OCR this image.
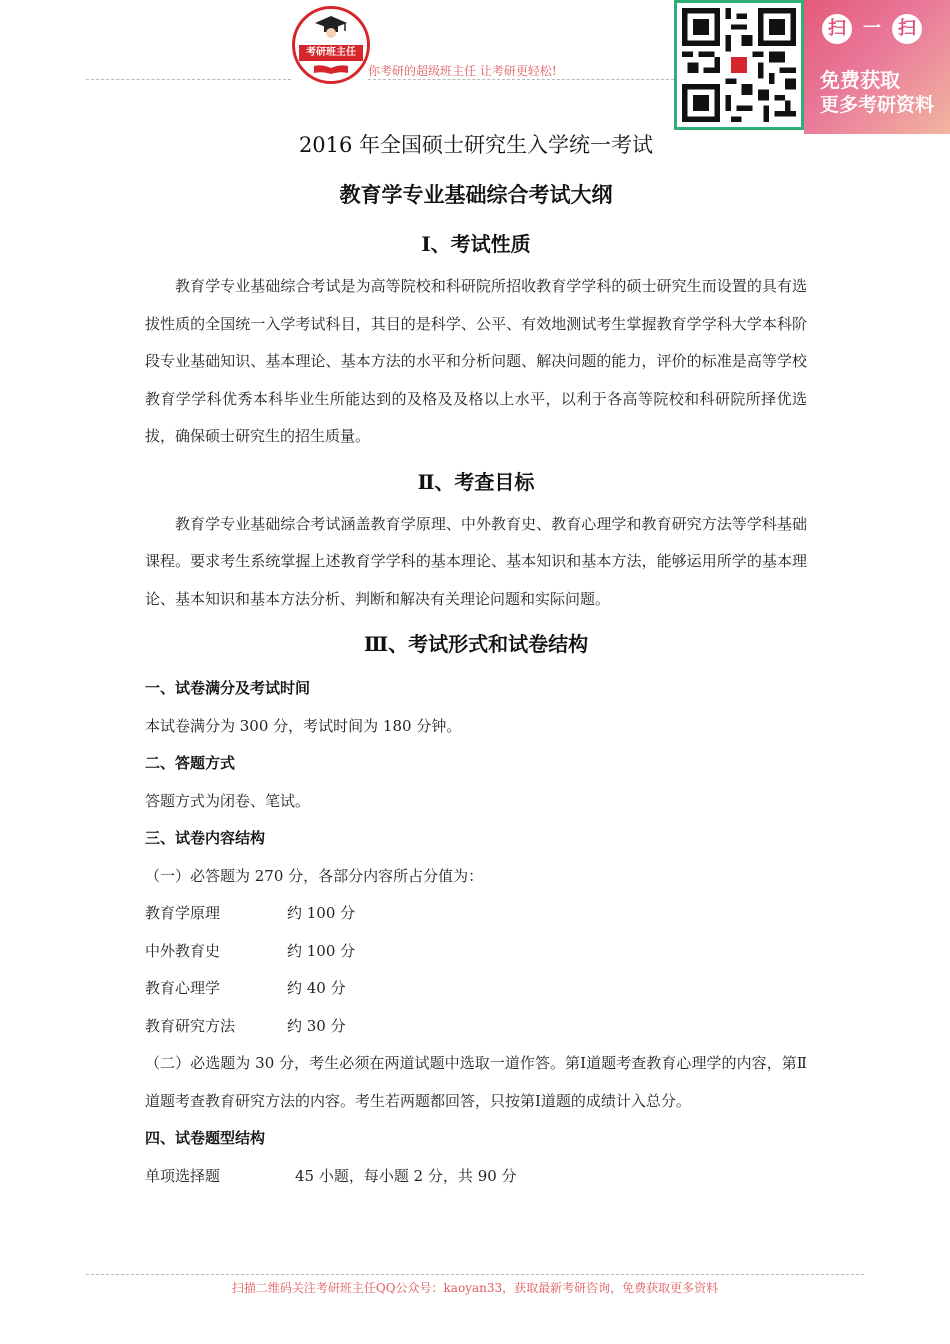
考研班主任
你考研的超级班主任 让考研更轻松!
扫 一 扫
免费获取
更多考研资料
2016 年全国硕士研究生入学统一考试
教育学专业基础综合考试大纲
Ⅰ、考试性质

教育学专业基础综合考试是为高等院校和科研院所招收教育学学科的硕士研究生而设置的具有选拔性质的全国统一入学考试科目，其目的是科学、公平、有效地测试考生掌握教育学学科大学本科阶段专业基础知识、基本理论、基本方法的水平和分析问题、解决问题的能力，评价的标准是高等学校教育学学科优秀本科毕业生所能达到的及格及及格以上水平，以利于各高等院校和科研院所择优选拔，确保硕士研究生的招生质量。

Ⅱ、考查目标

教育学专业基础综合考试涵盖教育学原理、中外教育史、教育心理学和教育研究方法等学科基础课程。要求考生系统掌握上述教育学学科的基本理论、基本知识和基本方法，能够运用所学的基本理论、基本知识和基本方法分析、判断和解决有关理论问题和实际问题。

Ⅲ、考试形式和试卷结构
一、试卷满分及考试时间
本试卷满分为 300 分，考试时间为 180 分钟。
二、答题方式
答题方式为闭卷、笔试。
三、试卷内容结构
（一）必答题为 270 分，各部分内容所占分值为：
教育学原理	约 100 分
中外教育史	约 100 分
教育心理学	约 40 分
教育研究方法	约 30 分

（二）必选题为 30 分，考生必须在两道试题中选取一道作答。第Ⅰ道题考查教育心理学的内容，第Ⅱ道题考查教育研究方法的内容。考生若两题都回答，只按第Ⅰ道题的成绩计入总分。

四、试卷题型结构
单项选择题	45 小题，每小题 2 分，共 90 分
扫描二维码关注考研班主任QQ公众号：kaoyan33，获取最新考研咨询，免费获取更多资料
